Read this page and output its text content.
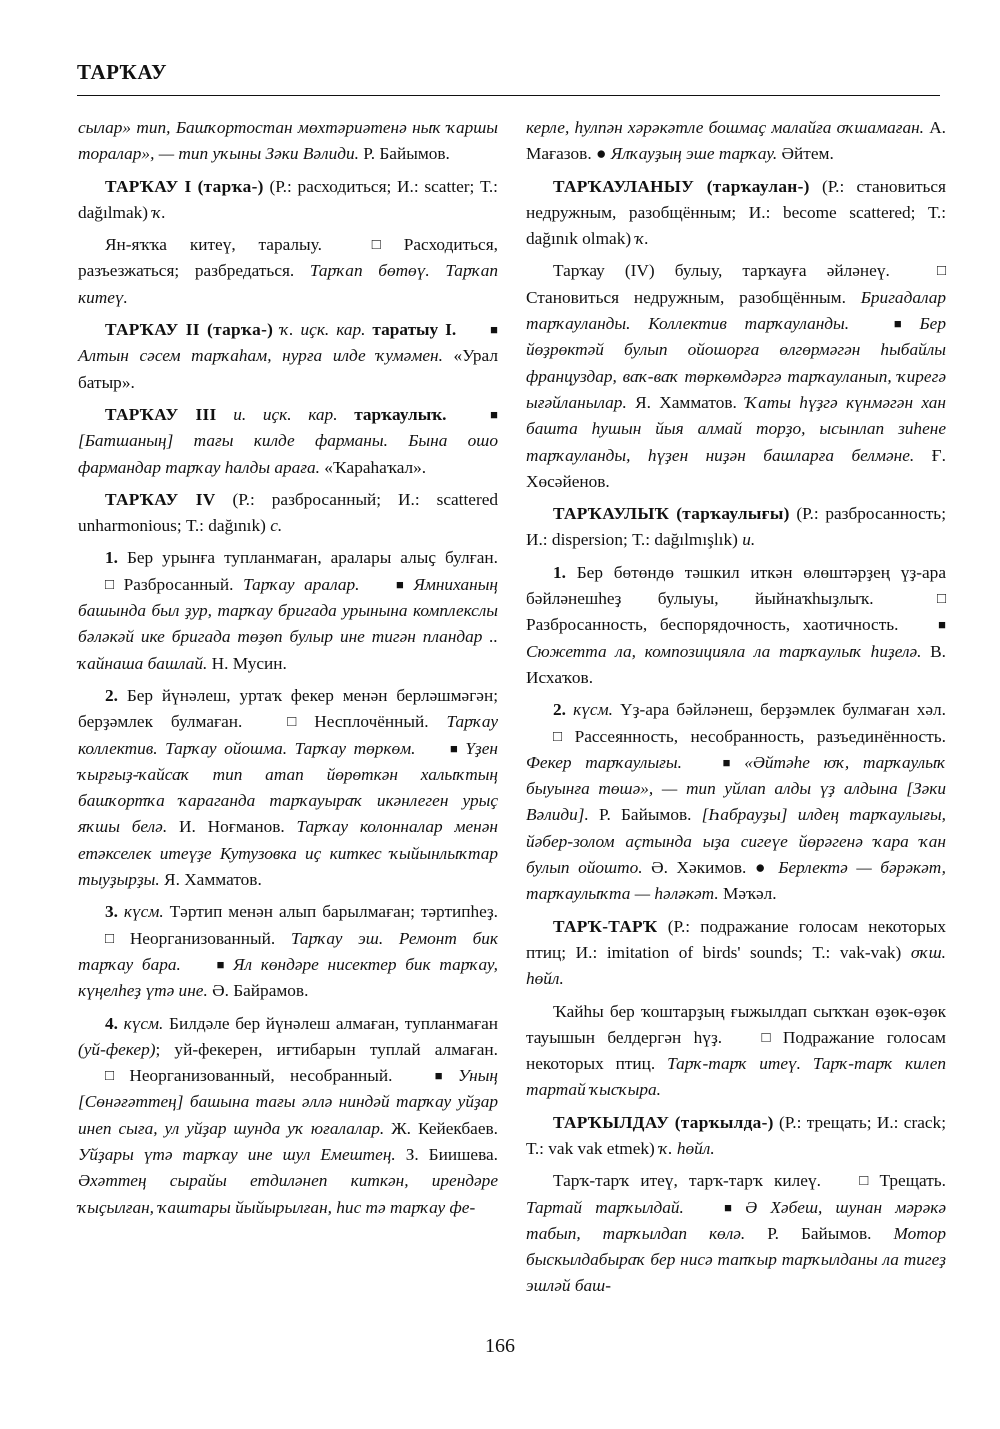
ТАРҠАУ

сылар» тип, Башҡортостан мөхтәриәтенә ныҡ ҡаршы торалар», — тип уҡыны Зәки Вәлиди. Р. Байымов.

ТАРҠАУ I (тарҡа-) (Р.: расходиться; И.: scatter; Т.: dağılmak) ҡ.

Ян-яҡҡа китеү, таралыу. □ Расходиться, разъезжаться; разбредаться. Тарҡап бөтөү. Тарҡап китеү.

ТАРҠАУ II (тарҡа-) ҡ. иҫк. кар. таратыу I.	■ Алтын сәсем тарҡаһам, нурға илде ҡумәмен. «Урал батыр».

ТАРҠАУ III и. иҫк. кар. тарҡаулыҡ.	■ [Батшаның] тағы килде фарманы. Бына ошо фармандар тарҡау һалды араға. «Ҡараһаҡал».

ТАРҠАУ IV (Р.: разбросанный; И.: scattered unharmonious; Т.: dağınık) с.

1. Бер урынға тупланмаған, аралары алыҫ булған. □ Разбросанный. Тарҡау аралар.	■ Ямниханың башында был ҙур, тарҡау бригада урынына комплекслы бәләкәй ике бригада төҙөп булыр ине тигән пландар .. ҡайнаша башлай. Н. Мусин.

2. Бер йүнәлеш, уртаҡ фекер менән берләшмәгән; берҙәмлек булмаған. □ Несплочённый. Тарҡау коллектив. Тарҡау ойошма. Тарҡау төркөм.	■ Үҙен ҡырғыҙ-ҡайсаҡ тип атап йөрөткән халыҡтың башҡортҡа ҡараганда тарҡауыраҡ икәнлеген урыҫ яҡшы белә. И. Ноғманов. Тарҡау колонналар менән етәкселек итеүҙе Кутузовка иҫ киткес ҡыйынлыҡтар тыуҙырҙы. Я. Хамматов.

3. күсм. Тәртип менән алып барылмаған; тәртипһеҙ. □ Неорганизованный. Тарҡау эш. Ремонт бик тарҡау бара.	■ Ял көндәре нисектер бик тарҡау, күңелһеҙ үтә ине. Ә. Байрамов.

4. күсм. Билдәле бер йүнәлеш алмаған, тупланмаған (уй-фекер); уй-фекерен, иғтибарын туплай алмаған. □ Неорганизованный, несобранный. ■ Уның [Сөнәғәттең] башына тағы әллә ниндәй тарҡау уйҙар инеп сыға, ул уйҙар шунда уҡ юғалалар. Ж. Кейекбаев. Уйҙары үтә тарҡау ине шул Емештең. З. Биишева. Әхәттең сырайы етдиләнеп киткән, ирендәре ҡыҫылған, ҡаштары йыйырылған, һис тә тарҡау фе-

керле, һулпән хәрәкәтле бошмаҫ малайға оҡшамаған. А. Мағазов. ● Ялҡауҙың эше тарҡау. Әйтем.

ТАРҠАУЛАНЫУ (тарҡаулан-) (Р.: становиться недружным, разобщённым; И.: become scattered; Т.: dağınık olmak) ҡ.

Тарҡау (IV) булыу, тарҡауға әйләнеү. □ Становиться недружным, разобщённым. Бригадалар тарҡауланды. Коллектив тарҡауланды.	■ Бер йөҙрөктәй булып ойошорға өлгөрмәгән һыбайлы француздар, ваҡ-ваҡ төркөмдәргә тарҡауланып, ҡирегә ығәйланылар. Я. Хамматов. Ҡаты һүҙгә күнмәгән хан башта һушын йыя алмай торҙо, ысынлап зиһене тарҡауланды, һүҙен ниҙән башларға белмәне. Ғ. Хөсәйенов.

ТАРҠАУЛЫҠ (тарҡаулығы) (Р.: разбросанность; И.: dispersion; Т.: dağılmışlık) и.

1. Бер бөтөндө тәшкил иткән өлөштәрҙең үҙ-ара бәйләнешһеҙ булыуы, йыйнаҡһыҙлыҡ. □ Разбросанность, беспорядочность, хаотичность. ■ Сюжетта ла, композицияла ла тарҡаулыҡ һиҙелә. В. Исхаҡов.

2. күсм. Үҙ-ара бәйләнеш, берҙәмлек булмаған хәл. □ Рассеянность, несобранность, разъединённость. Фекер тарҡаулығы.	■ «Әйтәһе юҡ, тарҡаулыҡ быуынға төшә», — тип уйлап алды үҙ алдына [Зәки Вәлиди]. Р. Байымов. [Һабрауҙы] илдең тарҡаулығы, йәбер-золом аҫтында ыҙа сигеүе йөрәгенә ҡара ҡан булып ойошто. Ә. Хәкимов. ● Берлектә — бәрәкәт, тарҡаулыҡта — һәләкәт. Мәҡәл.

ТАРҠ-ТАРҠ (Р.: подражание голосам некоторых птиц; И.: imitation of birds' sounds; Т.: vak-vak) оҡш. һөйл.

Ҡайһы бер ҡоштарҙың ғыжылдап сыҡҡан өҙөк-өҙөк тауышын белдергән һүҙ. □ Подражание голосам некоторых птиц. Тарҡ-тарҡ итеү. Тарҡ-тарҡ килеп тартай ҡысҡыра.

ТАРҠЫЛДАУ (тарҡылда-) (Р.: трещать; И.: crack; Т.: vak vak etmek) ҡ. һөйл.

Тарҡ-тарҡ итеү, тарҡ-тарҡ килеү. □ Трещать. Тартай тарҡылдай.	■ Ә Хәбеш, шунан мәрәкә табып, тарҡылдап көлә. Р. Байымов. Мотор быскылдабыраҡ бер нисә тапҡыр тарҡылданы ла тигеҙ эшләй баш-

166
